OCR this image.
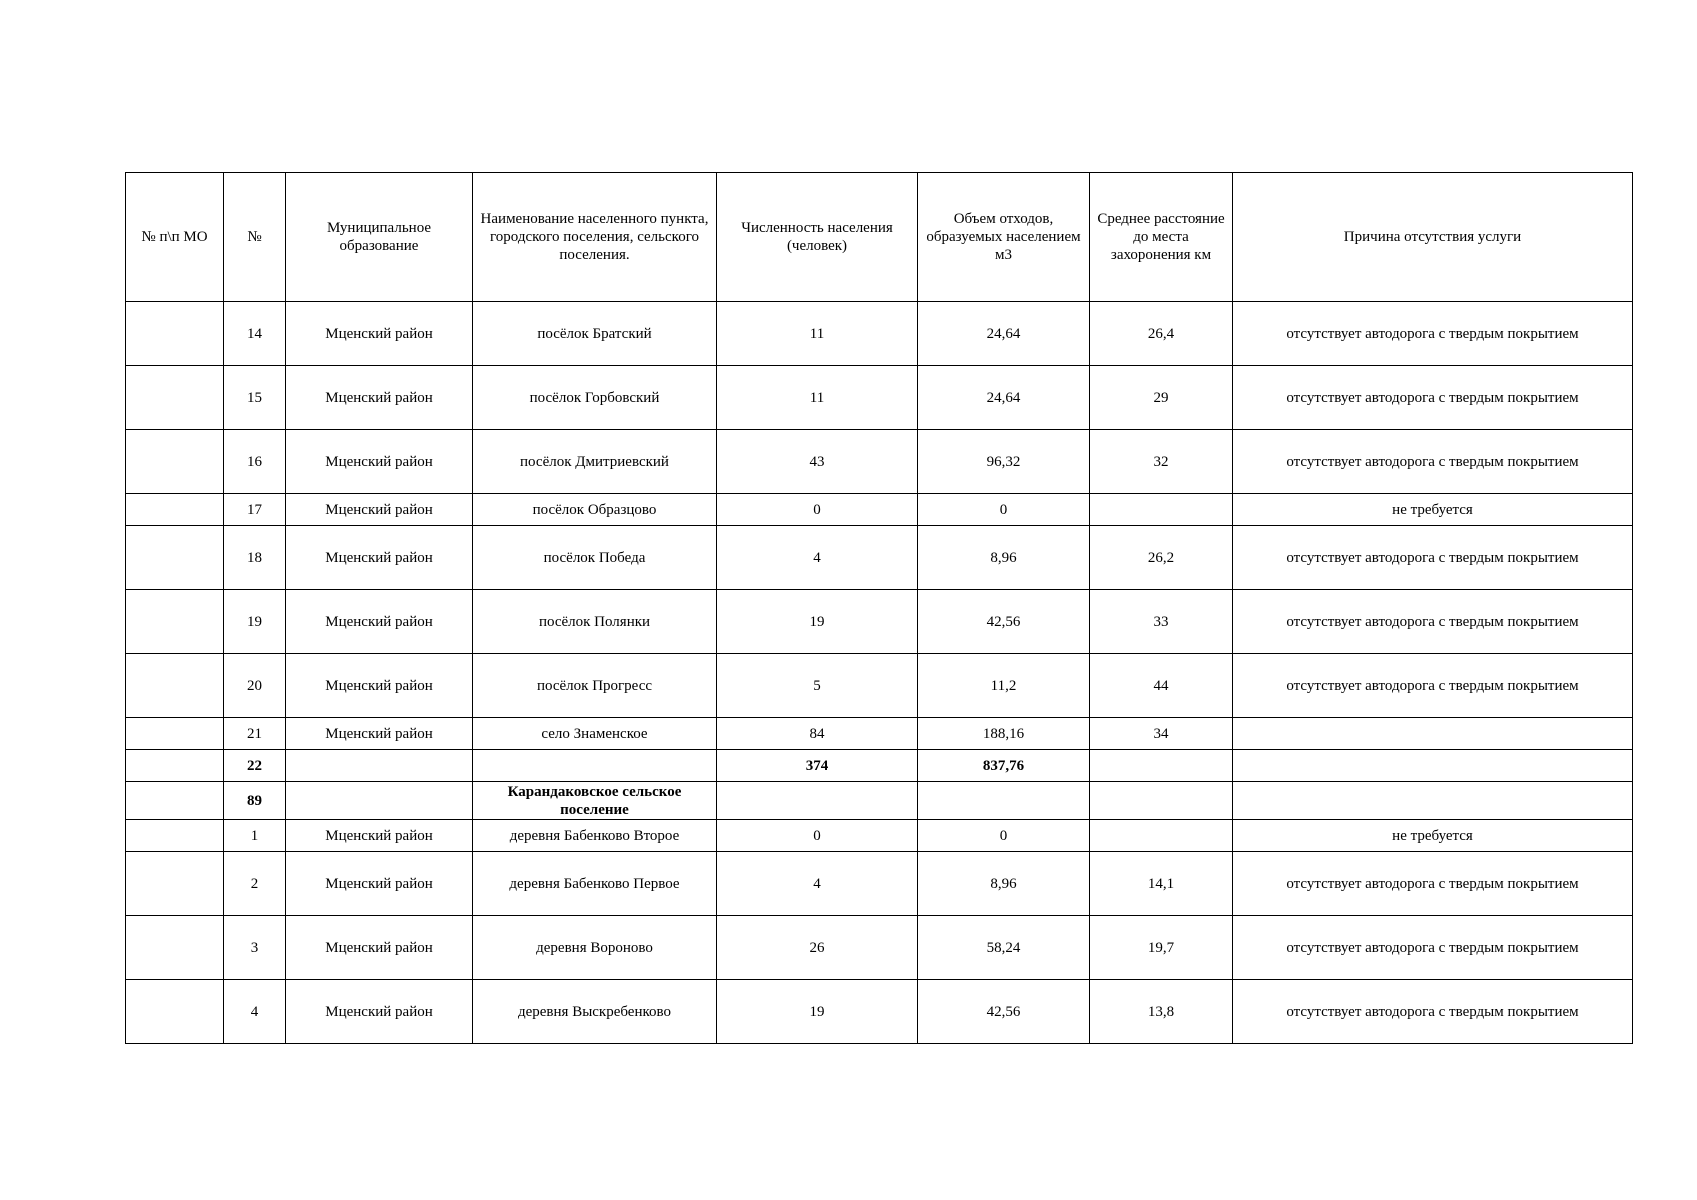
№ п\п МО	№	Муниципальное образование	Наименование населенного пункта, городского поселения, сельского поселения.	Численность населения (человек)	Объем отходов, образуемых населением м3	Среднее расстояние до места захоронения км	Причина отсутствия услуги
	14	Мценский район	посёлок Братский	11	24,64	26,4	отсутствует автодорога с твердым покрытием
	15	Мценский район	посёлок Горбовский	11	24,64	29	отсутствует автодорога с твердым покрытием
	16	Мценский район	посёлок Дмитриевский	43	96,32	32	отсутствует автодорога с твердым покрытием
	17	Мценский район	посёлок Образцово	0	0		не требуется
	18	Мценский район	посёлок Победа	4	8,96	26,2	отсутствует автодорога с твердым покрытием
	19	Мценский район	посёлок Полянки	19	42,56	33	отсутствует автодорога с твердым покрытием
	20	Мценский район	посёлок Прогресс	5	11,2	44	отсутствует автодорога с твердым покрытием
	21	Мценский район	село Знаменское	84	188,16	34	
	22			374	837,76		
	89		Карандаковское сельское поселение				
	1	Мценский район	деревня Бабенково Второе	0	0		не требуется
	2	Мценский район	деревня Бабенково Первое	4	8,96	14,1	отсутствует автодорога с твердым покрытием
	3	Мценский район	деревня Вороново	26	58,24	19,7	отсутствует автодорога с твердым покрытием
	4	Мценский район	деревня Выскребенково	19	42,56	13,8	отсутствует автодорога с твердым покрытием
